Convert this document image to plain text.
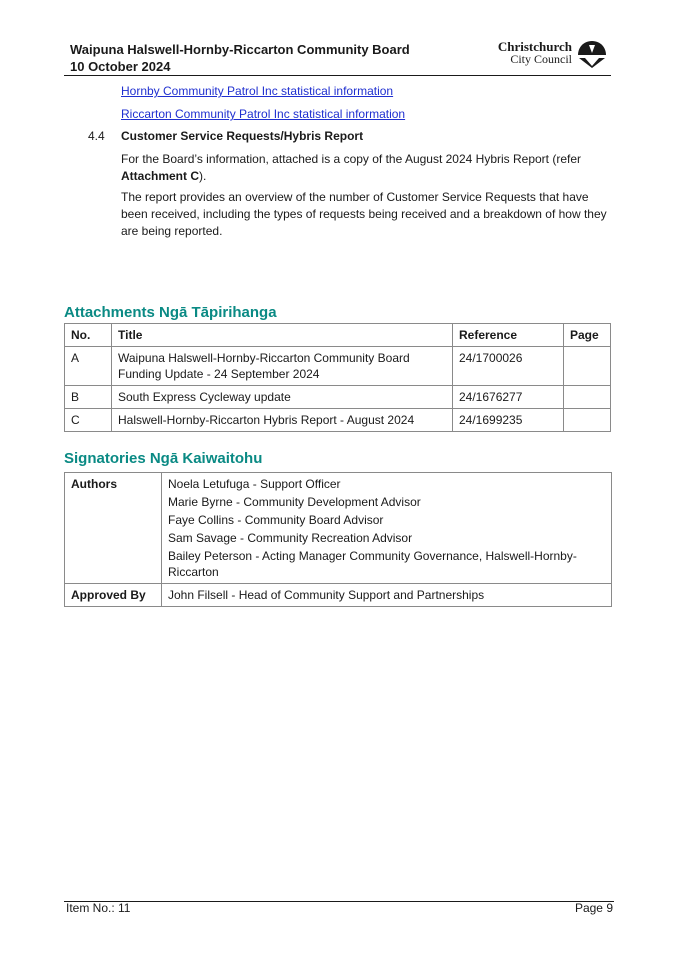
Waipuna Halswell-Hornby-Riccarton Community Board
10 October 2024
Christchurch
City Council
Hornby Community Patrol Inc statistical information
Riccarton Community Patrol Inc statistical information
4.4 Customer Service Requests/Hybris Report
For the Board’s information, attached is a copy of the August 2024 Hybris Report (refer Attachment C).
The report provides an overview of the number of Customer Service Requests that have been received, including the types of requests being received and a breakdown of how they are being reported.
Attachments Ngā Tāpirihanga
No.	Title	Reference	Page
A	Waipuna Halswell-Hornby-Riccarton Community Board Funding Update - 24 September 2024	24/1700026	
B	South Express Cycleway update	24/1676277	
C	Halswell-Hornby-Riccarton Hybris Report - August 2024	24/1699235	
Signatories Ngā Kaiwaitohu
Authors	Noela Letufuga - Support Officer
Marie Byrne - Community Development Advisor
Faye Collins - Community Board Advisor
Sam Savage - Community Recreation Advisor
Bailey Peterson - Acting Manager Community Governance, Halswell-Hornby-Riccarton

Approved By	John Filsell - Head of Community Support and Partnerships
Item No.: 11	Page 9
